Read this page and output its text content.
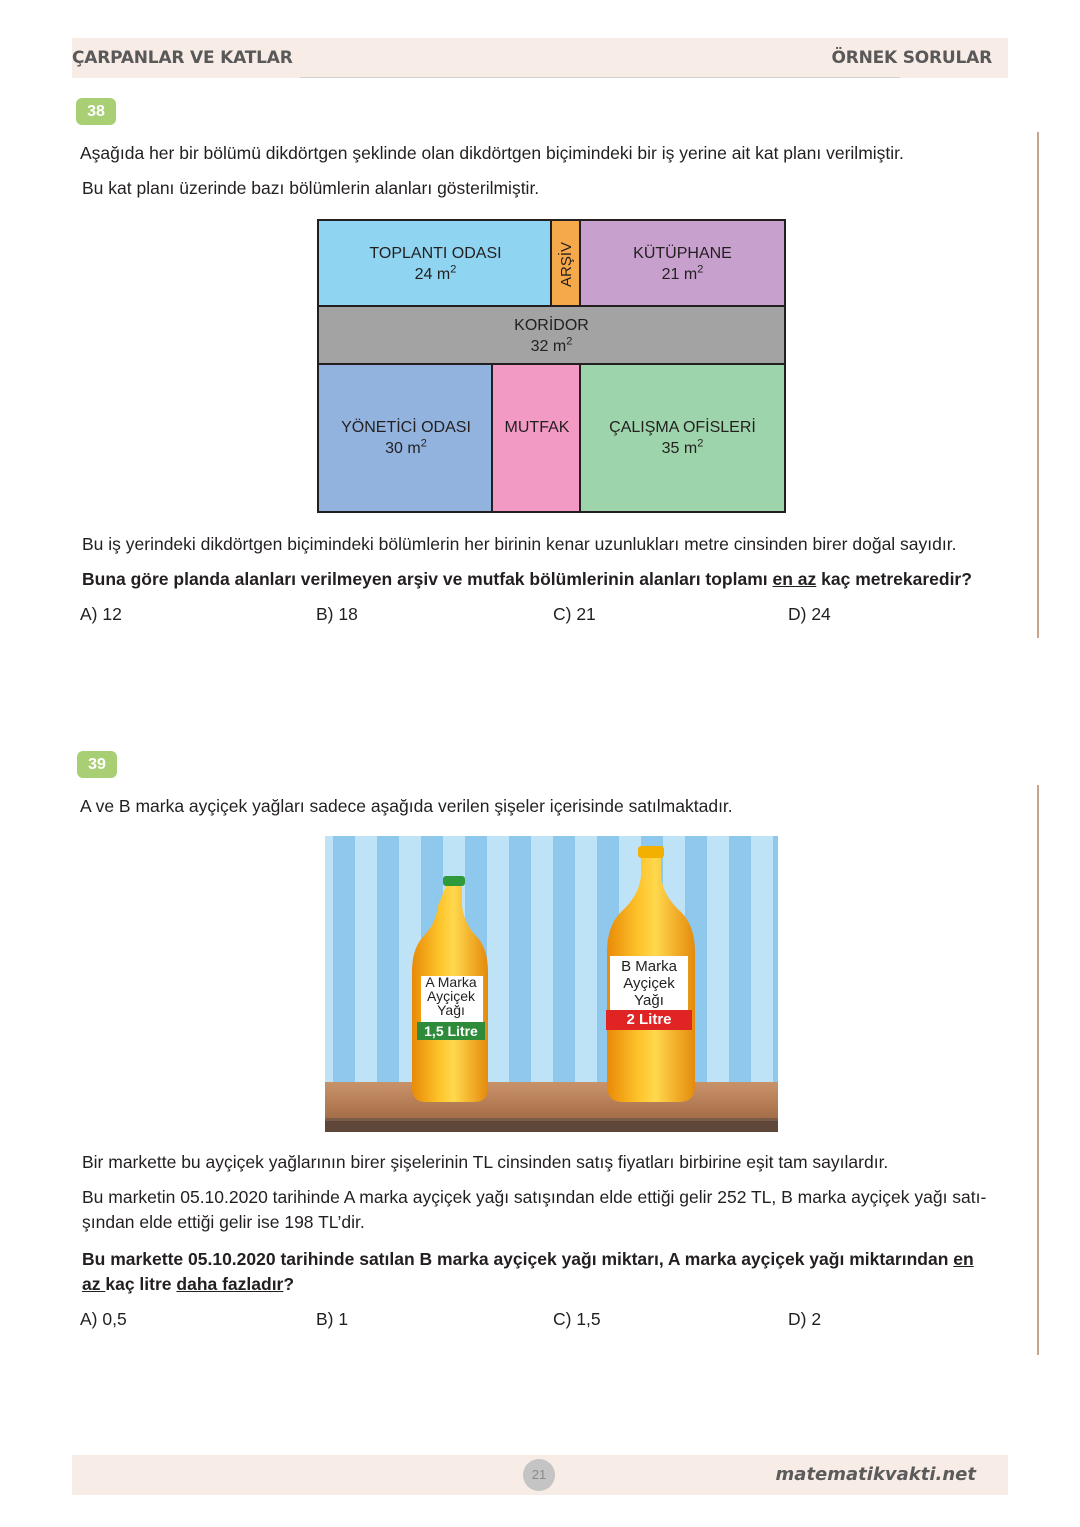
ÇARPANLAR VE KATLAR	ÖRNEK SORULAR
38
Aşağıda her bir bölümü dikdörtgen şeklinde olan dikdörtgen biçimindeki bir iş yerine ait kat planı verilmiştir.
Bu kat planı üzerinde bazı bölümlerin alanları gösterilmiştir.
TOPLANTI ODASI
24 $m^2$	ARŞİV	KÜTÜPHANE
21 $m^2$
KORİDOR
32 $m^2$
YÖNETİCİ ODASI
30 $m^2$
MUTFAK
ÇALIŞMA OFİSLERİ
35 $m^2$
Bu iş yerindeki dikdörtgen biçimindeki bölümlerin her birinin kenar uzunlukları metre cinsinden birer doğal sayıdır.
Buna göre planda alanları verilmeyen arşiv ve mutfak bölümlerinin alanları toplamı en az kaç metrekaredir?
A) 12	B) 18	C) 21	D) 24
39
A ve B marka ayçiçek yağları sadece aşağıda verilen şişeler içerisinde satılmaktadır.
A Marka
Ayçiçek
Yağı
1,5 Litre
B Marka
Ayçiçek
Yağı
2 Litre
Bir markette bu ayçiçek yağlarının birer şişelerinin TL cinsinden satış fiyatları birbirine eşit tam sayılardır.
Bu marketin 05.10.2020 tarihinde A marka ayçiçek yağı satışından elde ettiği gelir 252 TL, B marka ayçiçek yağı satı-
şından elde ettiği gelir ise 198 TL’dir.
Bu markette 05.10.2020 tarihinde satılan B marka ayçiçek yağı miktarı, A marka ayçiçek yağı miktarından en
az kaç litre daha fazladır?
A) 0,5	B) 1	C) 1,5	D) 2
21	matematikvakti.net
